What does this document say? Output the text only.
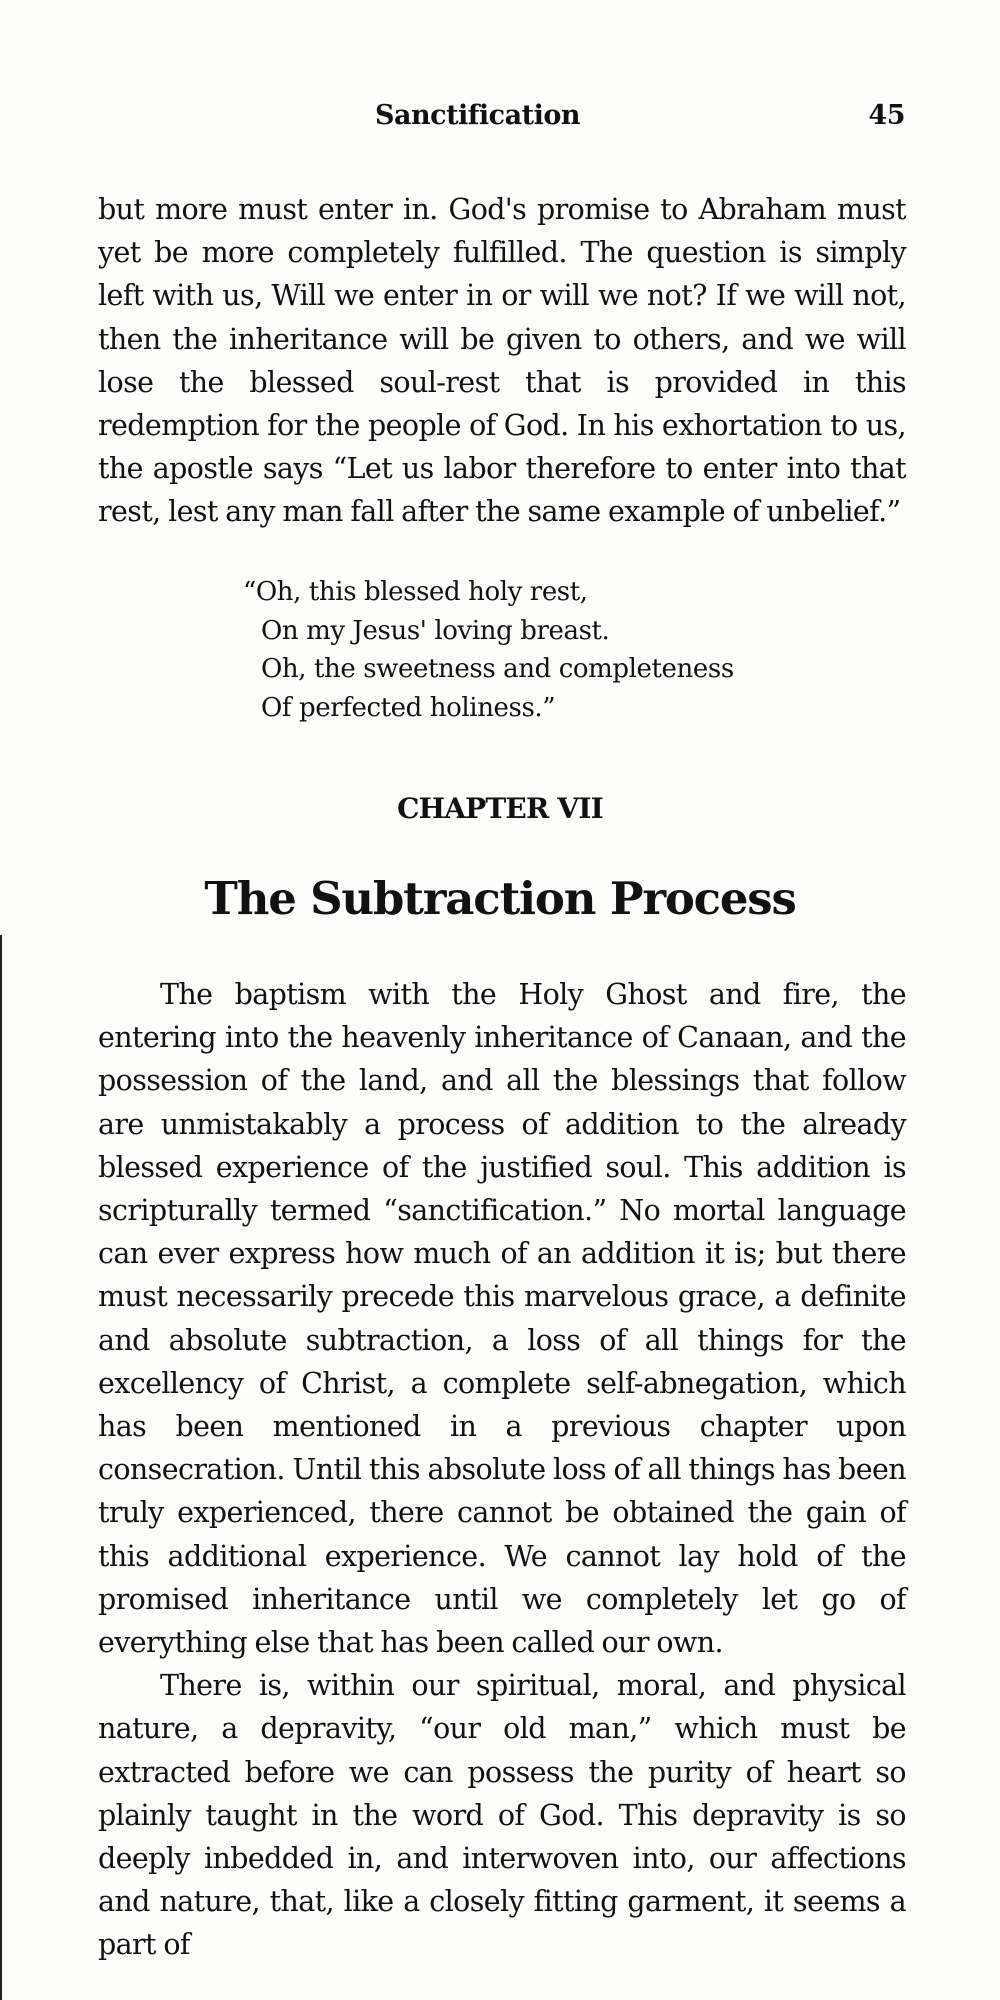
Sanctification	45

but more must enter in. God's promise to Abraham must yet be more completely fulfilled. The question is simply left with us, Will we enter in or will we not? If we will not, then the inheritance will be given to others, and we will lose the blessed soul-rest that is provided in this redemption for the people of God. In his exhortation to us, the apostle says “Let us labor therefore to enter into that rest, lest any man fall after the same example of unbelief.”

“Oh, this blessed holy rest,
On my Jesus' loving breast.
Oh, the sweetness and completeness
Of perfected holiness.”
CHAPTER VII
The Subtraction Process

The baptism with the Holy Ghost and fire, the entering into the heavenly inheritance of Canaan, and the possession of the land, and all the blessings that follow are unmistakably a process of addition to the already blessed experience of the justified soul. This addition is scripturally termed “sanctification.” No mortal language can ever express how much of an addition it is; but there must necessarily precede this marvelous grace, a definite and absolute subtraction, a loss of all things for the excellency of Christ, a complete self-abnegation, which has been mentioned in a previous chapter upon consecration. Until this absolute loss of all things has been truly experienced, there cannot be obtained the gain of this additional experience. We cannot lay hold of the promised inheritance until we completely let go of everything else that has been called our own.

There is, within our spiritual, moral, and physical nature, a depravity, “our old man,” which must be extracted before we can possess the purity of heart so plainly taught in the word of God. This depravity is so deeply inbedded in, and interwoven into, our affections and nature, that, like a closely fitting garment, it seems a part of
